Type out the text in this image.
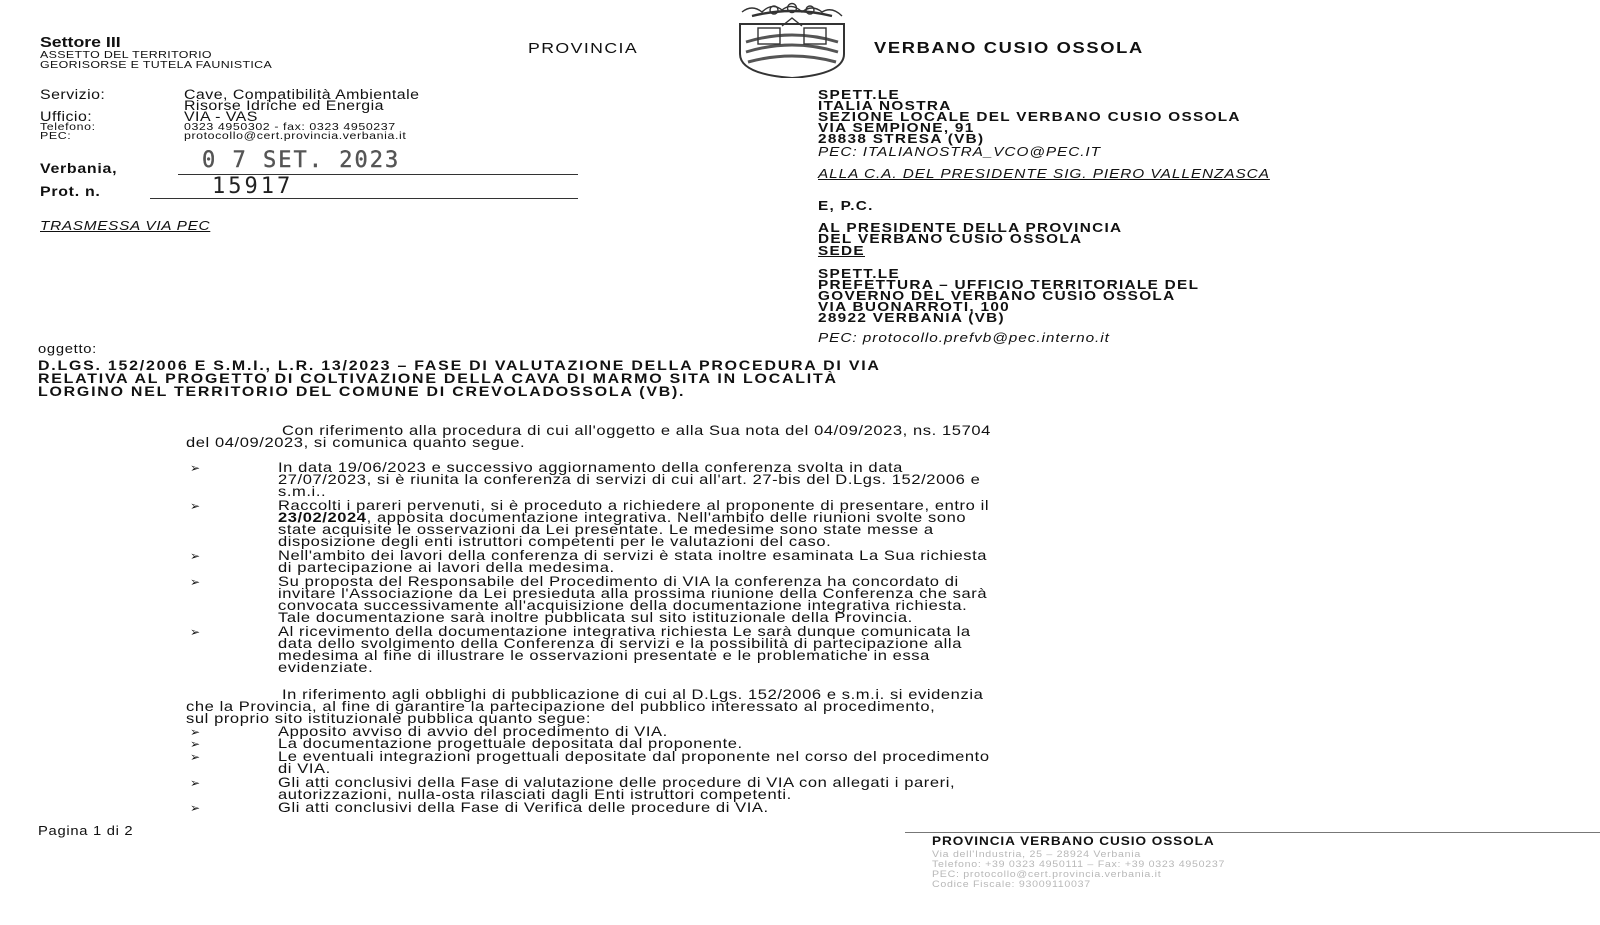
Settore III
ASSETTO DEL TERRITORIO
GEORISORSE E TUTELA FAUNISTICA
PROVINCIA	VERBANO CUSIO OSSOLA
Servizio:	Cave, Compatibilità Ambientale
Risorse Idriche ed Energia
Ufficio:	VIA - VAS
Telefono:	0323 4950302 - fax: 0323 4950237
PEC:	protocollo@cert.provincia.verbania.it
Verbania,	0 7 SET. 2023
Prot. n.	15917
TRASMESSA VIA PEC
SPETT.LE
ITALIA NOSTRA
SEZIONE LOCALE DEL VERBANO CUSIO OSSOLA
VIA SEMPIONE, 91
28838 STRESA (VB)
PEC: ITALIANOSTRA_VCO@PEC.IT
ALLA C.A. DEL PRESIDENTE SIG. PIERO VALLENZASCA
E, P.C.
AL PRESIDENTE DELLA PROVINCIA
DEL VERBANO CUSIO OSSOLA
SEDE
SPETT.LE
PREFETTURA – UFFICIO TERRITORIALE DEL
GOVERNO DEL VERBANO CUSIO OSSOLA
VIA BUONARROTI, 100
28922 VERBANIA (VB)
PEC: protocollo.prefvb@pec.interno.it
oggetto:
D.LGS. 152/2006 E S.M.I., L.R. 13/2023 – FASE DI VALUTAZIONE DELLA PROCEDURA DI VIA
RELATIVA AL PROGETTO DI COLTIVAZIONE DELLA CAVA DI MARMO SITA IN LOCALITÀ
LORGINO NEL TERRITORIO DEL COMUNE DI CREVOLADOSSOLA (VB).
Con riferimento alla procedura di cui all'oggetto e alla Sua nota del 04/09/2023, ns. 15704
del 04/09/2023, si comunica quanto segue.
➢	In data 19/06/2023 e successivo aggiornamento della conferenza svolta in data
27/07/2023, si è riunita la conferenza di servizi di cui all'art. 27-bis del D.Lgs. 152/2006 e
s.m.i..
➢	Raccolti i pareri pervenuti, si è proceduto a richiedere al proponente di presentare, entro il
23/02/2024, apposita documentazione integrativa. Nell'ambito delle riunioni svolte sono
state acquisite le osservazioni da Lei presentate. Le medesime sono state messe a
disposizione degli enti istruttori competenti per le valutazioni del caso.
➢	Nell'ambito dei lavori della conferenza di servizi è stata inoltre esaminata La Sua richiesta
di partecipazione ai lavori della medesima.
➢	Su proposta del Responsabile del Procedimento di VIA la conferenza ha concordato di
invitare l'Associazione da Lei presieduta alla prossima riunione della Conferenza che sarà
convocata successivamente all'acquisizione della documentazione integrativa richiesta.
Tale documentazione sarà inoltre pubblicata sul sito istituzionale della Provincia.
➢	Al ricevimento della documentazione integrativa richiesta Le sarà dunque comunicata la
data dello svolgimento della Conferenza di servizi e la possibilità di partecipazione alla
medesima al fine di illustrare le osservazioni presentate e le problematiche in essa
evidenziate.
In riferimento agli obblighi di pubblicazione di cui al D.Lgs. 152/2006 e s.m.i. si evidenzia
che la Provincia, al fine di garantire la partecipazione del pubblico interessato al procedimento,
sul proprio sito istituzionale pubblica quanto segue:
➢	Apposito avviso di avvio del procedimento di VIA.
➢	La documentazione progettuale depositata dal proponente.
➢	Le eventuali integrazioni progettuali depositate dal proponente nel corso del procedimento
di VIA.
➢	Gli atti conclusivi della Fase di valutazione delle procedure di VIA con allegati i pareri,
autorizzazioni, nulla-osta rilasciati dagli Enti istruttori competenti.
➢	Gli atti conclusivi della Fase di Verifica delle procedure di VIA.
Pagina 1 di 2
PROVINCIA VERBANO CUSIO OSSOLA
Via dell'Industria, 25 – 28924 Verbania
Telefono: +39 0323 4950111 – Fax: +39 0323 4950237
PEC: protocollo@cert.provincia.verbania.it
Codice Fiscale: 93009110037
